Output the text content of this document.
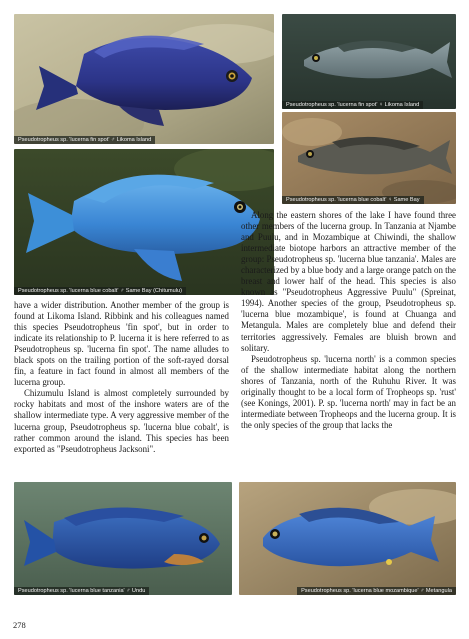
Pseudotropheus sp. 'lucerna fin spot' ♂ Likoma Island
Pseudotropheus sp. 'lucerna fin spot' ♀ Likoma Island
Pseudotropheus sp. 'lucerna blue cobalt' ♀ Same Bay
Pseudotropheus sp. 'lucerna blue cobalt' ♂ Same Bay (Chitumulu)

have a wider distribution. Another member of the group is found at Likoma Island. Ribbink and his colleagues named this species Pseudotropheus 'fin spot', but in order to indicate its relationship to P. lucerna it is here referred to as Pseudotropheus sp. 'lucerna fin spot'. The name alludes to black spots on the trailing portion of the soft-rayed dorsal fin, a feature in fact found in almost all members of the lucerna group.

Chizumulu Island is almost completely surrounded by rocky habitats and most of the inshore waters are of the shallow intermediate type. A very aggressive member of the lucerna group, Pseudotropheus sp. 'lucerna blue cobalt', is rather common around the island. This species has been exported as "Pseudotropheus Jacksoni".

Along the eastern shores of the lake I have found three other members of the lucerna group. In Tanzania at Njambe and Puulu, and in Mozambique at Chiwindi, the shallow intermediate biotope harbors an attractive member of the group: Pseudotropheus sp. 'lucerna blue tanzania'. Males are characterized by a blue body and a large orange patch on the breast and lower half of the head. This species is also known as "Pseudotropheus Aggressive Puulu" (Spreinat, 1994). Another species of the group, Pseudotropheus sp. 'lucerna blue mozambique', is found at Chuanga and Metangula. Males are completely blue and defend their territories aggressively. Females are bluish brown and solitary.

Pseudotropheus sp. 'lucerna north' is a common species of the shallow intermediate habitat along the northern shores of Tanzania, north of the Ruhuhu River. It was originally thought to be a local form of Tropheops sp. 'rust' (see Konings, 2001). P. sp. 'lucerna north' may in fact be an intermediate between Tropheops and the lucerna group. It is the only species of the group that lacks the

Pseudotropheus sp. 'lucerna blue tanzania' ♂ Undu	Pseudotropheus sp. 'lucerna blue mozambique' ♂ Metangula
278
